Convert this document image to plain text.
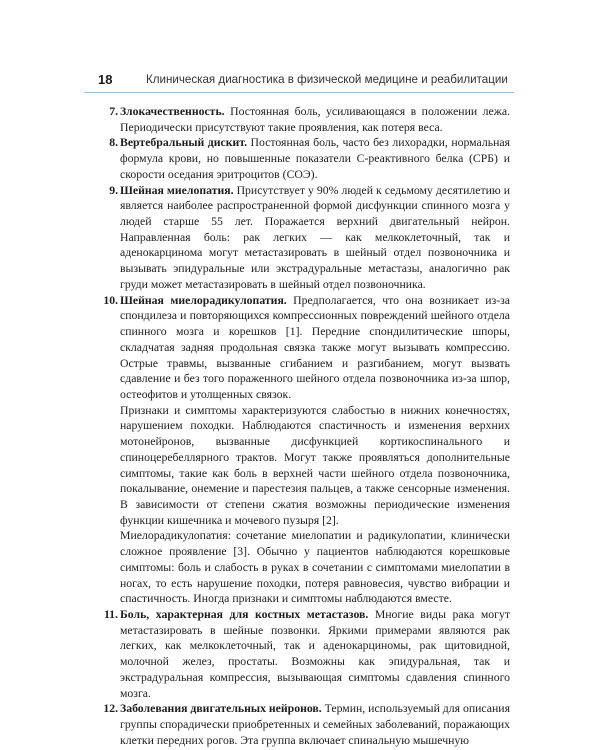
18	Клиническая диагностика в физической медицине и реабилитации
7. Злокачественность. Постоянная боль, усиливающаяся в положении лежа. Периодически присутствуют такие проявления, как потеря веса.
8. Вертебральный дискит. Постоянная боль, часто без лихорадки, нормальная формула крови, но повышенные показатели С-реактивного белка (СРБ) и скорости оседания эритроцитов (СОЭ).
9. Шейная миелопатия. Присутствует у 90% людей к седьмому десятилетию и является наиболее распространенной формой дисфункции спинного мозга у людей старше 55 лет. Поражается верхний двигательный нейрон. Направленная боль: рак легких — как мелкоклеточный, так и аденокарцинома могут метастазировать в шейный отдел позвоночника и вызывать эпидуральные или экстрадуральные метастазы, аналогично рак груди может метастазировать в шейный отдел позвоночника.
10. Шейная миелорадикулопатия. Предполагается, что она возникает из-за спондилеза и повторяющихся компрессионных повреждений шейного отдела спинного мозга и корешков [1]. Передние спондилитические шпоры, складчатая задняя продольная связка также могут вызывать компрессию. Острые травмы, вызванные сгибанием и разгибанием, могут вызвать сдавление и без того пораженного шейного отдела позвоночника из-за шпор, остеофитов и утолщенных связок.
Признаки и симптомы характеризуются слабостью в нижних конечностях, нарушением походки. Наблюдаются спастичность и изменения верхних мотонейронов, вызванные дисфункцией кортикоспинального и спиноцеребеллярного трактов. Могут также проявляться дополнительные симптомы, такие как боль в верхней части шейного отдела позвоночника, покалывание, онемение и парестезия пальцев, а также сенсорные изменения. В зависимости от степени сжатия возможны периодические изменения функции кишечника и мочевого пузыря [2].
Миелорадикулопатия: сочетание миелопатии и радикулопатии, клинически сложное проявление [3]. Обычно у пациентов наблюдаются корешковые симптомы: боль и слабость в руках в сочетании с симптомами миелопатии в ногах, то есть нарушение походки, потеря равновесия, чувство вибрации и спастичность. Иногда признаки и симптомы наблюдаются вместе.
11. Боль, характерная для костных метастазов. Многие виды рака могут метастазировать в шейные позвонки. Яркими примерами являются рак легких, как мелкоклеточный, так и аденокарциномы, рак щитовидной, молочной желез, простаты. Возможны как эпидуральная, так и экстрадуральная компрессия, вызывающая симптомы сдавления спинного мозга.
12. Заболевания двигательных нейронов. Термин, используемый для описания группы спорадически приобретенных и семейных заболеваний, поражающих клетки передних рогов. Эта группа включает спинальную мышечную
